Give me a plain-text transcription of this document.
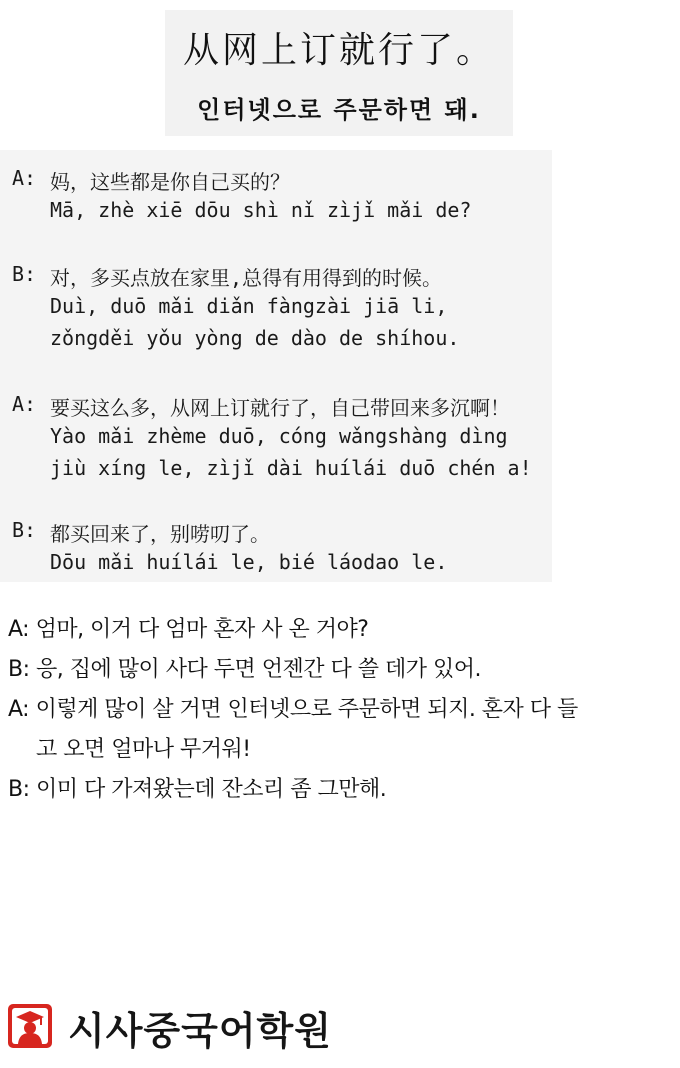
从网上订就行了。
인터넷으로 주문하면 돼.
A: 妈，这些都是你自己买的？
Mā, zhè xiē dōu shì nǐ zìjǐ mǎi de?
B: 对，多买点放在家里,总得有用得到的时候。
Duì, duō mǎi diǎn fàngzài jiā li,
zǒngděi yǒu yòng de dào de shíhou.
A: 要买这么多，从网上订就行了，自己带回来多沉啊！
Yào mǎi zhème duō, cóng wǎngshàng dìng
jiù xíng le, zìjǐ dài huílái duō chén a!
B: 都买回来了，别唠叨了。
Dōu mǎi huílái le, bié láodao le.
A: 엄마, 이거 다 엄마 혼자 사 온 거야?
B: 응, 집에 많이 사다 두면 언젠간 다 쓸 데가 있어.
A: 이렇게 많이 살 거면 인터넷으로 주문하면 되지. 혼자 다 들
고 오면 얼마나 무거워!
B: 이미 다 가져왔는데 잔소리 좀 그만해.
시사중국어학원
